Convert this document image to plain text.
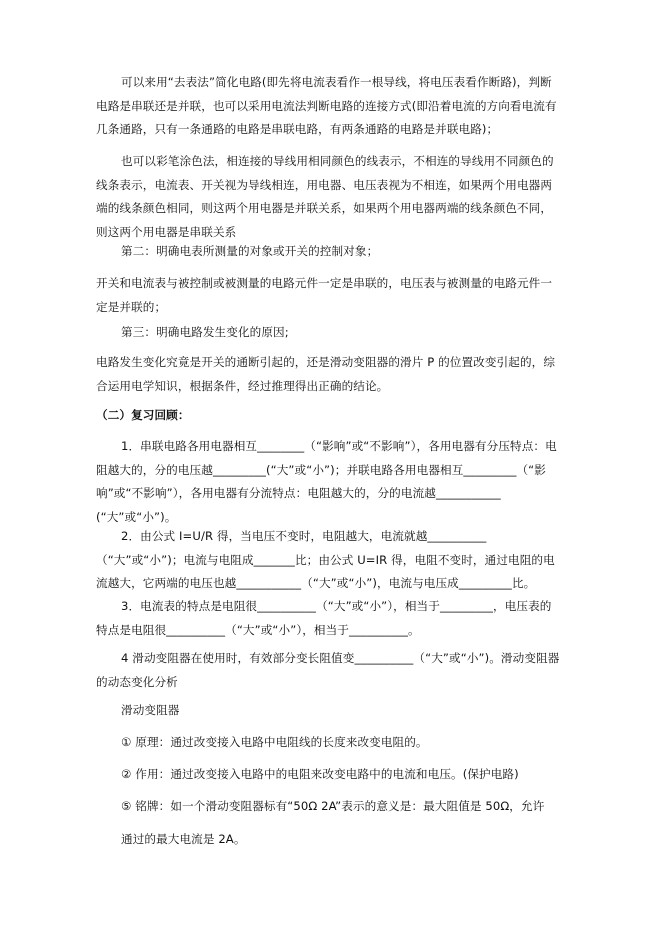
可以来用“去表法”简化电路(即先将电流表看作一根导线，将电压表看作断路)，判断电路是串联还是并联，也可以采用电流法判断电路的连接方式(即沿着电流的方向看电流有几条通路，只有一条通路的电路是串联电路，有两条通路的电路是并联电路)；
也可以彩笔涂色法，相连接的导线用相同颜色的线表示，不相连的导线用不同颜色的线条表示，电流表、开关视为导线相连，用电器、电压表视为不相连，如果两个用电器两端的线条颜色相同，则这两个用电器是并联关系，如果两个用电器两端的线条颜色不同，则这两个用电器是串联关系
第二：明确电表所测量的对象或开关的控制对象；
开关和电流表与被控制或被测量的电路元件一定是串联的，电压表与被测量的电路元件一定是并联的；
第三：明确电路发生变化的原因;
电路发生变化究竟是开关的通断引起的，还是滑动变阻器的滑片 P 的位置改变引起的，综合运用电学知识，根据条件，经过推理得出正确的结论。
（二）复习回顾：
1．串联电路各用电器相互________（“影响”或“不影响”），各用电器有分压特点：电阻越大的，分的电压越_________(“大”或“小”)；并联电路各用电器相互_________（“影响”或“不影响”），各用电器有分流特点：电阻越大的，分的电流越___________(“大”或“小”)。
2．由公式 I=U/R 得，当电压不变时，电阻越大，电流就越__________（“大”或“小”)；电流与电阻成_______比；由公式 U=IR 得，电阻不变时，通过电阻的电流越大，它两端的电压也越___________（“大”或“小”)，电流与电压成_________比。
3．电流表的特点是电阻很__________（“大”或“小”），相当于_________，电压表的特点是电阻很__________（“大”或“小”），相当于__________。
4 滑动变阻器在使用时，有效部分变长阻值变__________（“大”或“小”)。滑动变阻器的动态变化分析
滑动变阻器
① 原理：通过改变接入电路中电阻线的长度来改变电阻的。
② 作用：通过改变接入电路中的电阻来改变电路中的电流和电压。(保护电路)
⑤ 铭牌：如一个滑动变阻器标有“50Ω 2A”表示的意义是：最大阻值是 50Ω，允许
通过的最大电流是 2A。
